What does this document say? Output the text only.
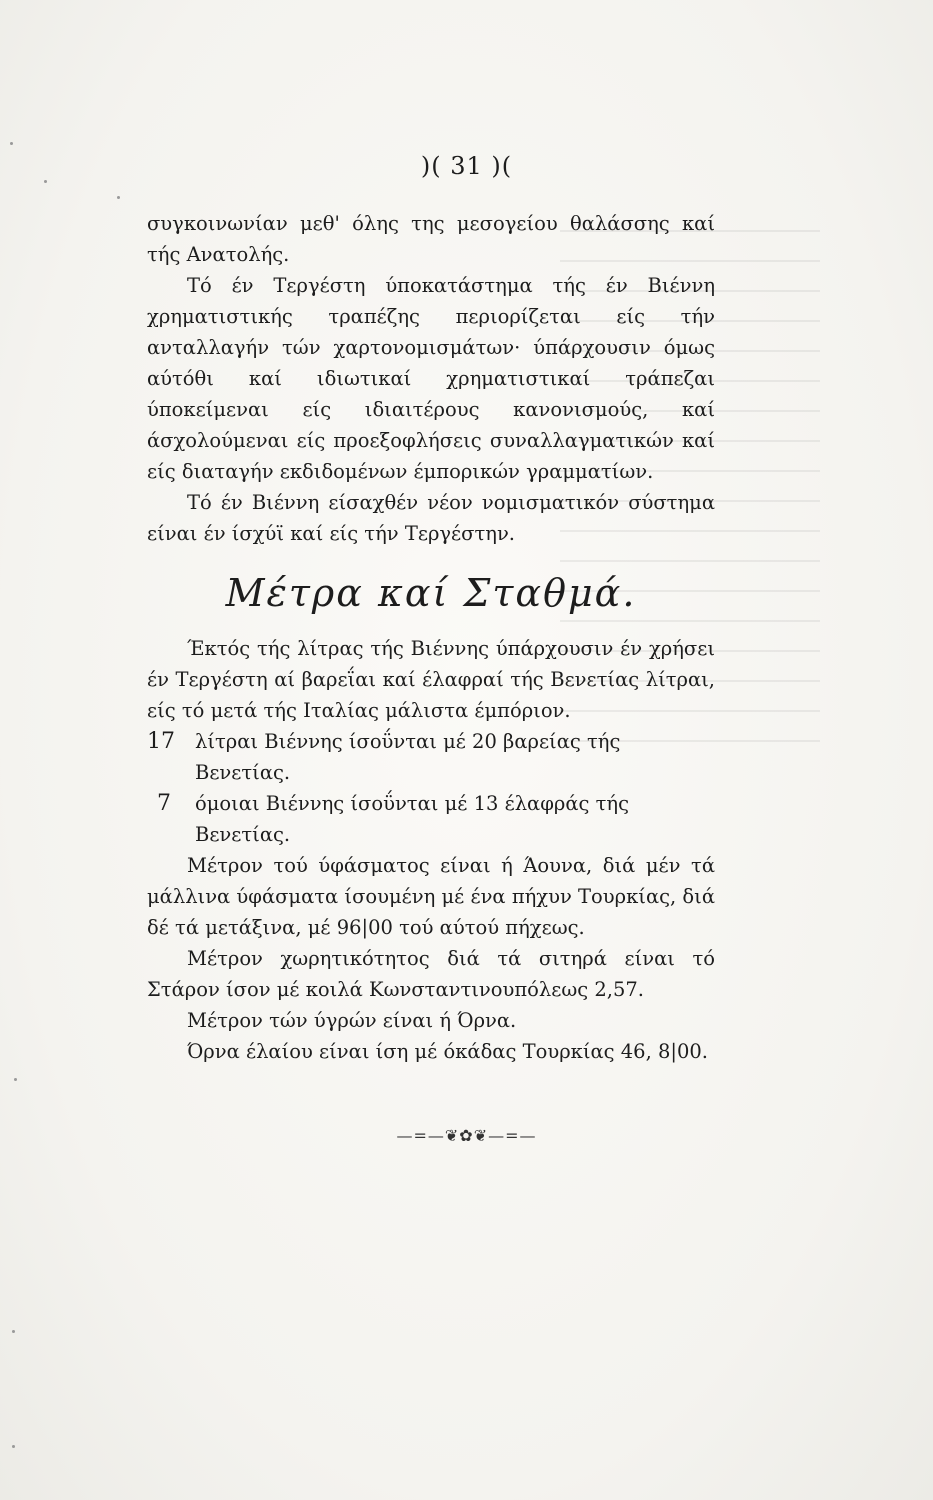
)( 31 )(

συγκοινωνίαν μεθ' όλης της μεσογείου θαλάσσης καί τής Ανατολής.

Τό έν Τεργέστη ύποκατάστημα τής έν Βιέννη χρηματιστικής τραπέζης περιορίζεται είς τήν ανταλλαγήν τών χαρτονομισμάτων· ύπάρχουσιν όμως αύτόθι καί ιδιωτικαί χρηματιστικαί τράπεζαι ύποκείμεναι είς ιδιαιτέρους κανονισμούς, καί άσχολούμεναι είς προεξοφλήσεις συναλλαγματικών καί είς διαταγήν εκδιδομένων έμπορικών γραμματίων.

Τό έν Βιέννη είσαχθέν νέον νομισματικόν σύστημα είναι έν ίσχύϊ καί είς τήν Τεργέστην.

Μέτρα καί Σταθμά.

Έκτός τής λίτρας τής Βιέννης ύπάρχουσιν έν χρήσει έν Τεργέστη αί βαρεΐαι καί έλαφραί τής Βενετίας λίτραι, είς τό μετά τής Ιταλίας μάλιστα έμπόριον.

17	λίτραι Βιέννης ίσοΰνται μέ 20 βαρείας τής Βενετίας.
7	όμοιαι Βιέννης ίσοΰνται μέ 13 έλαφράς τής Βενετίας.

Μέτρον τού ύφάσματος είναι ή Άουνα, διά μέν τά μάλλινα ύφάσματα ίσουμένη μέ ένα πήχυν Τουρκίας, διά δέ τά μετάξινα, μέ 96|00 τού αύτού πήχεως.

Μέτρον χωρητικότητος διά τά σιτηρά είναι τό Στάρον ίσον μέ κοιλά Κωνσταντινουπόλεως 2,57.

Μέτρον τών ύγρών είναι ή Όρνα.

Όρνα έλαίου είναι ίση μέ όκάδας Τουρκίας 46, 8|00.

—=—❦✿❦—=—
